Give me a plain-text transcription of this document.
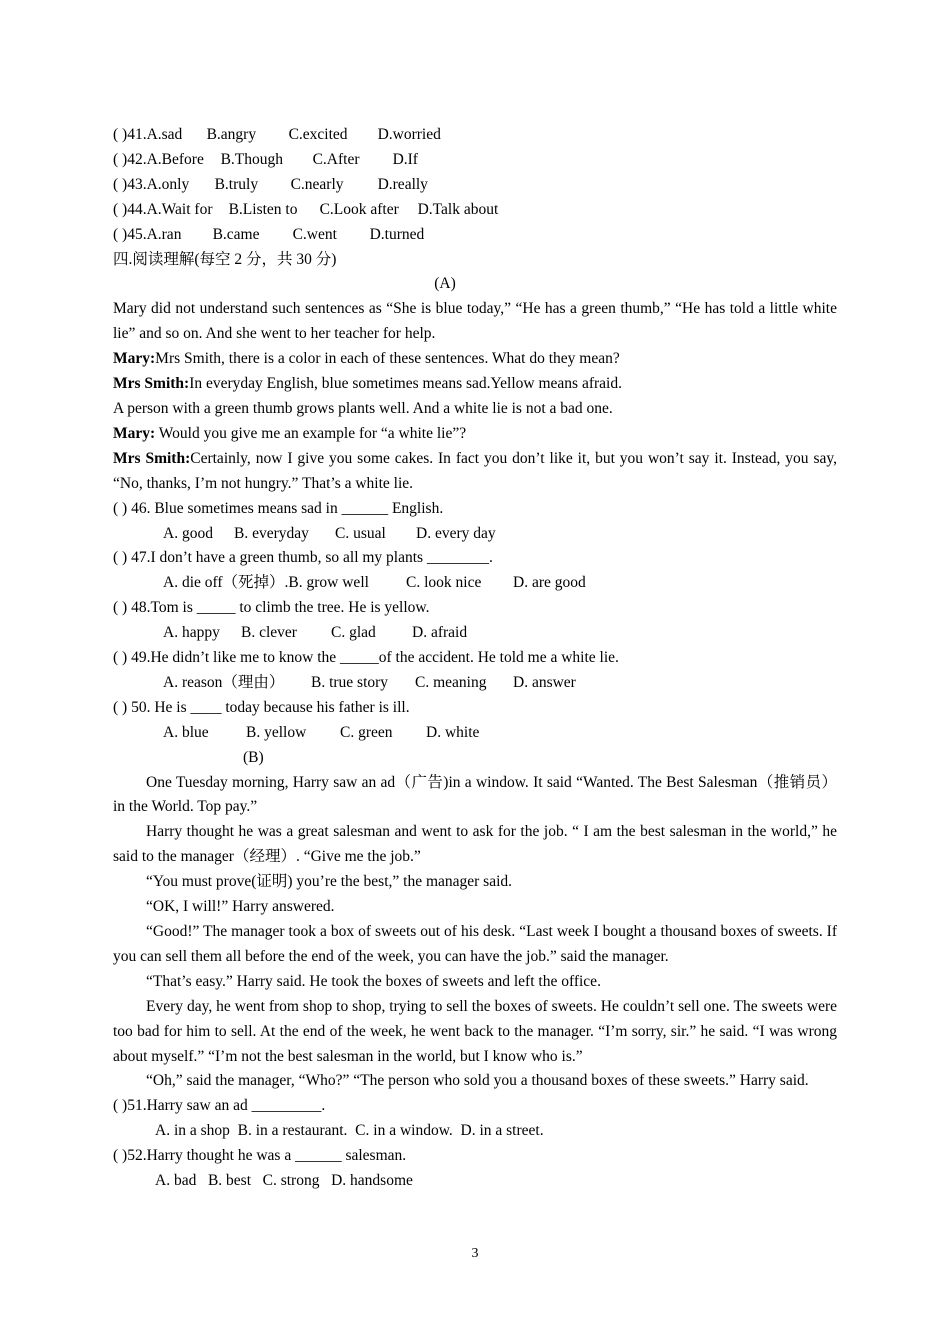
( )41.A.sad B.angry C.excited D.worried
( )42.A.Before B.Though C.After D.If
( )43.A.only B.truly C.nearly D.really
( )44.A.Wait for B.Listen to C.Look after D.Talk about
( )45.A.ran B.came C.went D.turned
四.阅读理解(每空 2 分，共 30 分)
(A)
Mary did not understand such sentences as “She is blue today,” “He has a green thumb,” “He has told a little white lie” and so on. And she went to her teacher for help.
Mary:Mrs Smith, there is a color in each of these sentences. What do they mean?
Mrs Smith:In everyday English, blue sometimes means sad.Yellow means afraid.
A person with a green thumb grows plants well. And a white lie is not a bad one.
Mary: Would you give me an example for “a white lie”?
Mrs Smith:Certainly, now I give you some cakes. In fact you don’t like it, but you won’t say it. Instead, you say, “No, thanks, I’m not hungry.” That’s a white lie.
( ) 46. Blue sometimes means sad in ______ English.
A. good B. everyday C. usual D. every day
( ) 47.I don’t have a green thumb, so all my plants ________.
A. die off（死掉）.B. grow well C. look nice D. are good
( ) 48.Tom is _____ to climb the tree. He is yellow.
A. happy B. clever C. glad D. afraid
( ) 49.He didn’t like me to know the _____of the accident. He told me a white lie.
A. reason（理由） B. true story C. meaning D. answer
( ) 50. He is ____ today because his father is ill.
A. blue B. yellow C. green D. white
(B)
One Tuesday morning, Harry saw an ad（广告)in a window. It said “Wanted. The Best Salesman（推销员）in the World. Top pay.”
Harry thought he was a great salesman and went to ask for the job. “ I am the best salesman in the world,” he said to the manager（经理）. “Give me the job.”
“You must prove(证明) you’re the best,” the manager said.
“OK, I will!” Harry answered.
“Good!” The manager took a box of sweets out of his desk. “Last week I bought a thousand boxes of sweets. If you can sell them all before the end of the week, you can have the job.” said the manager.
“That’s easy.” Harry said. He took the boxes of sweets and left the office.
Every day, he went from shop to shop, trying to sell the boxes of sweets. He couldn’t sell one. The sweets were too bad for him to sell. At the end of the week, he went back to the manager. “I’m sorry, sir.” he said. “I was wrong about myself.” “I’m not the best salesman in the world, but I know who is.”
“Oh,” said the manager, “Who?” “The person who sold you a thousand boxes of these sweets.” Harry said.
( )51.Harry saw an ad _________.
A. in a shop  B. in a restaurant.  C. in a window.  D. in a street.
( )52.Harry thought he was a ______ salesman.
A. bad   B. best   C. strong   D. handsome
3
